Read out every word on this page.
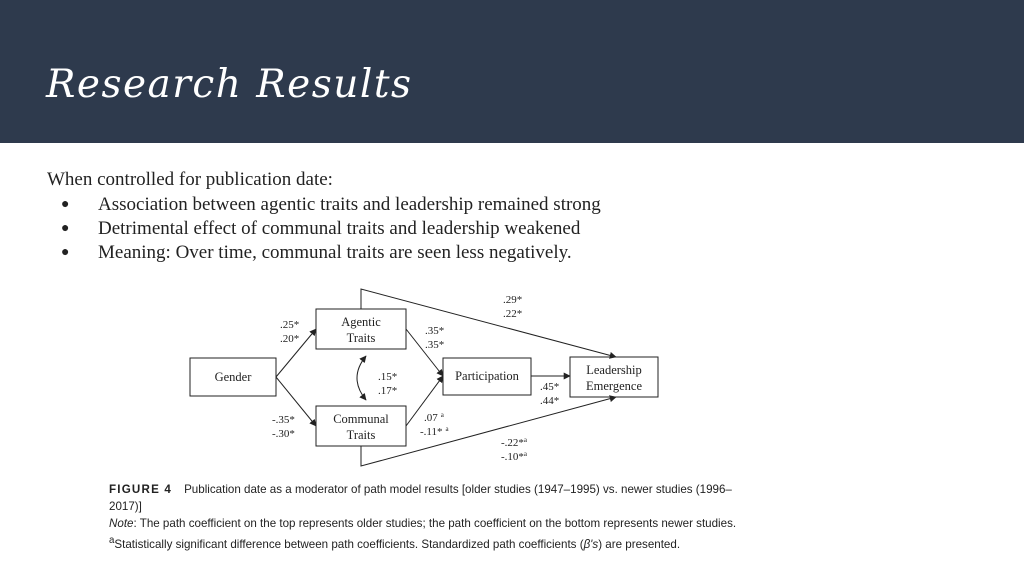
Research Results
When controlled for publication date:
● Association between agentic traits and leadership remained strong
● Detrimental effect of communal traits and leadership weakened
● Meaning: Over time, communal traits are seen less negatively.
Gender
Agentic
Traits
Communal
Traits
Participation	Leadership
Emergence
.29*
.22*
.25*
.20*
.35*
.35*
.15*
.17*	.45*
.44*
-.35*
-.30*
.07 $^a$
-.11* $^a$
-.22*$^a$
-.10*$^a$
FIGURE 4 Publication date as a moderator of path model results [older studies (1947–1995) vs. newer studies (1996–2017)]
Note: The path coefficient on the top represents older studies; the path coefficient on the bottom represents newer studies. $^a$Statistically significant difference between path coefficients. Standardized path coefficients (β's) are presented.
